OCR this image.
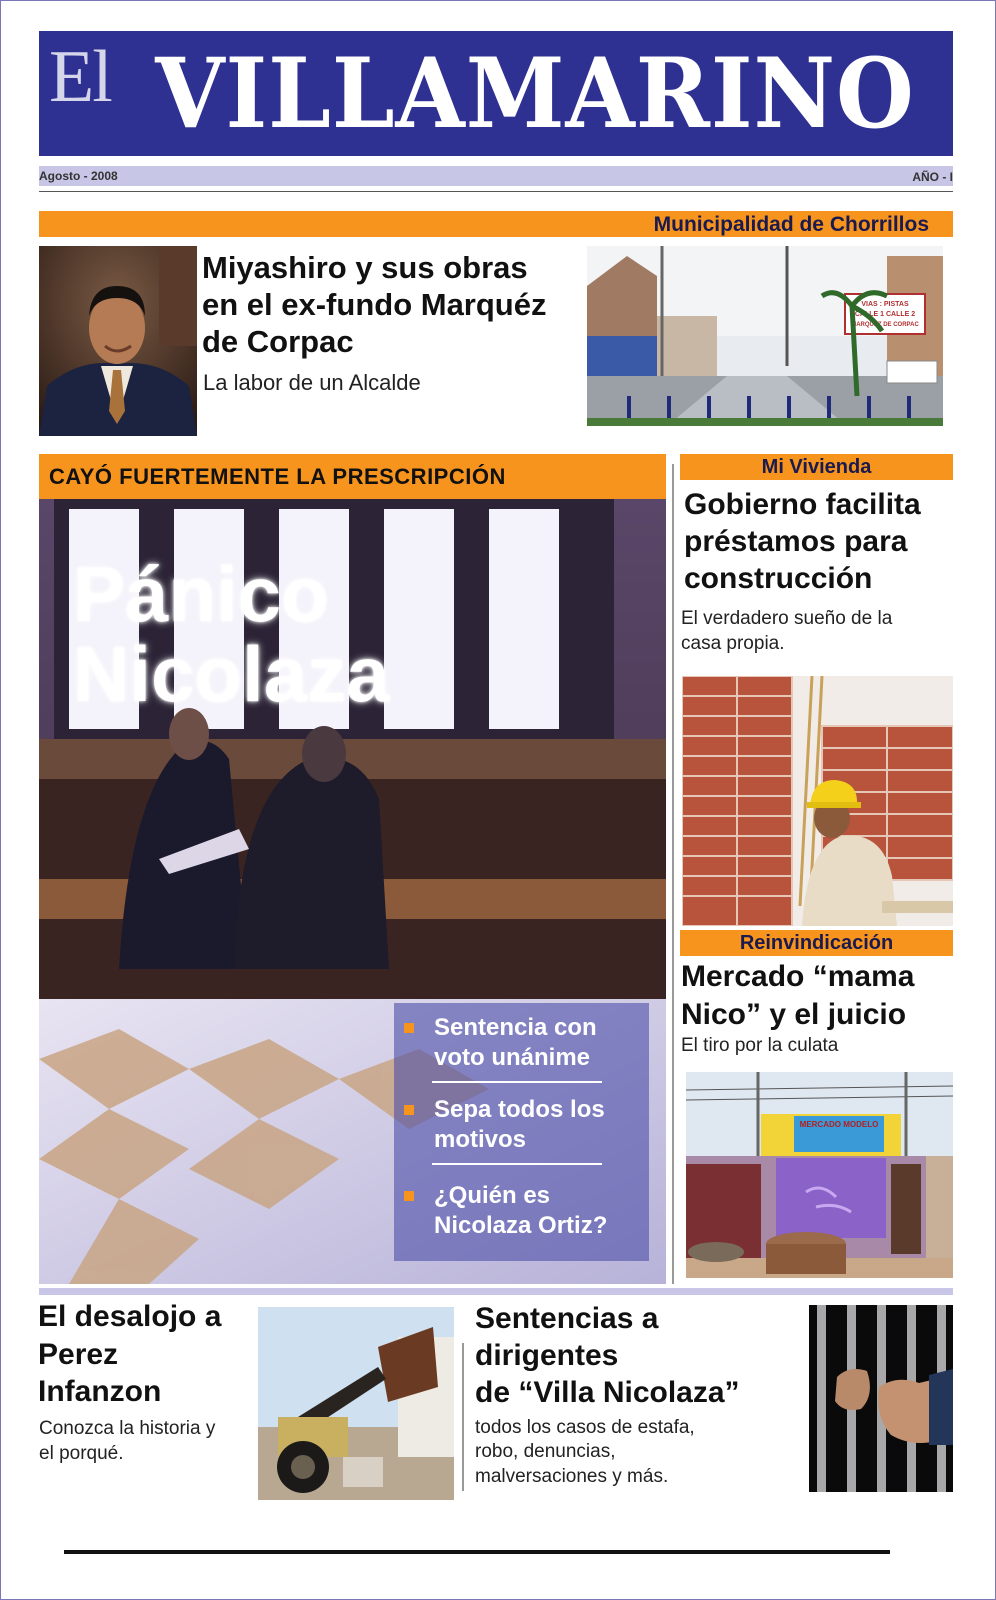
El VILLAMARINO
Agosto - 2008	AÑO - I
Municipalidad de Chorrillos
Miyashiro y sus obras
en el ex-fundo Marquéz
de Corpac
La labor de un Alcalde
VIAS : PISTAS
CALLE 1 CALLE 2
MARQUEZ DE CORPAC
CAYÓ FUERTEMENTE LA PRESCRIPCIÓN
Pánico
Nicolaza
Sentencia con
voto unánime
Sepa todos los
motivos
¿Quién es
Nicolaza Ortiz?
Mi Vivienda
Gobierno facilita
préstamos para
construcción
El verdadero sueño de la
casa propia.
Reinvindicación
Mercado “mama
Nico” y el juicio
El tiro por la culata
MERCADO MODELO
El desalojo a
Perez
Infanzon
Conozca la historia y
el porqué.
Sentencias a
dirigentes
de “Villa Nicolaza”
todos los casos de estafa,
robo, denuncias,
malversaciones y más.
